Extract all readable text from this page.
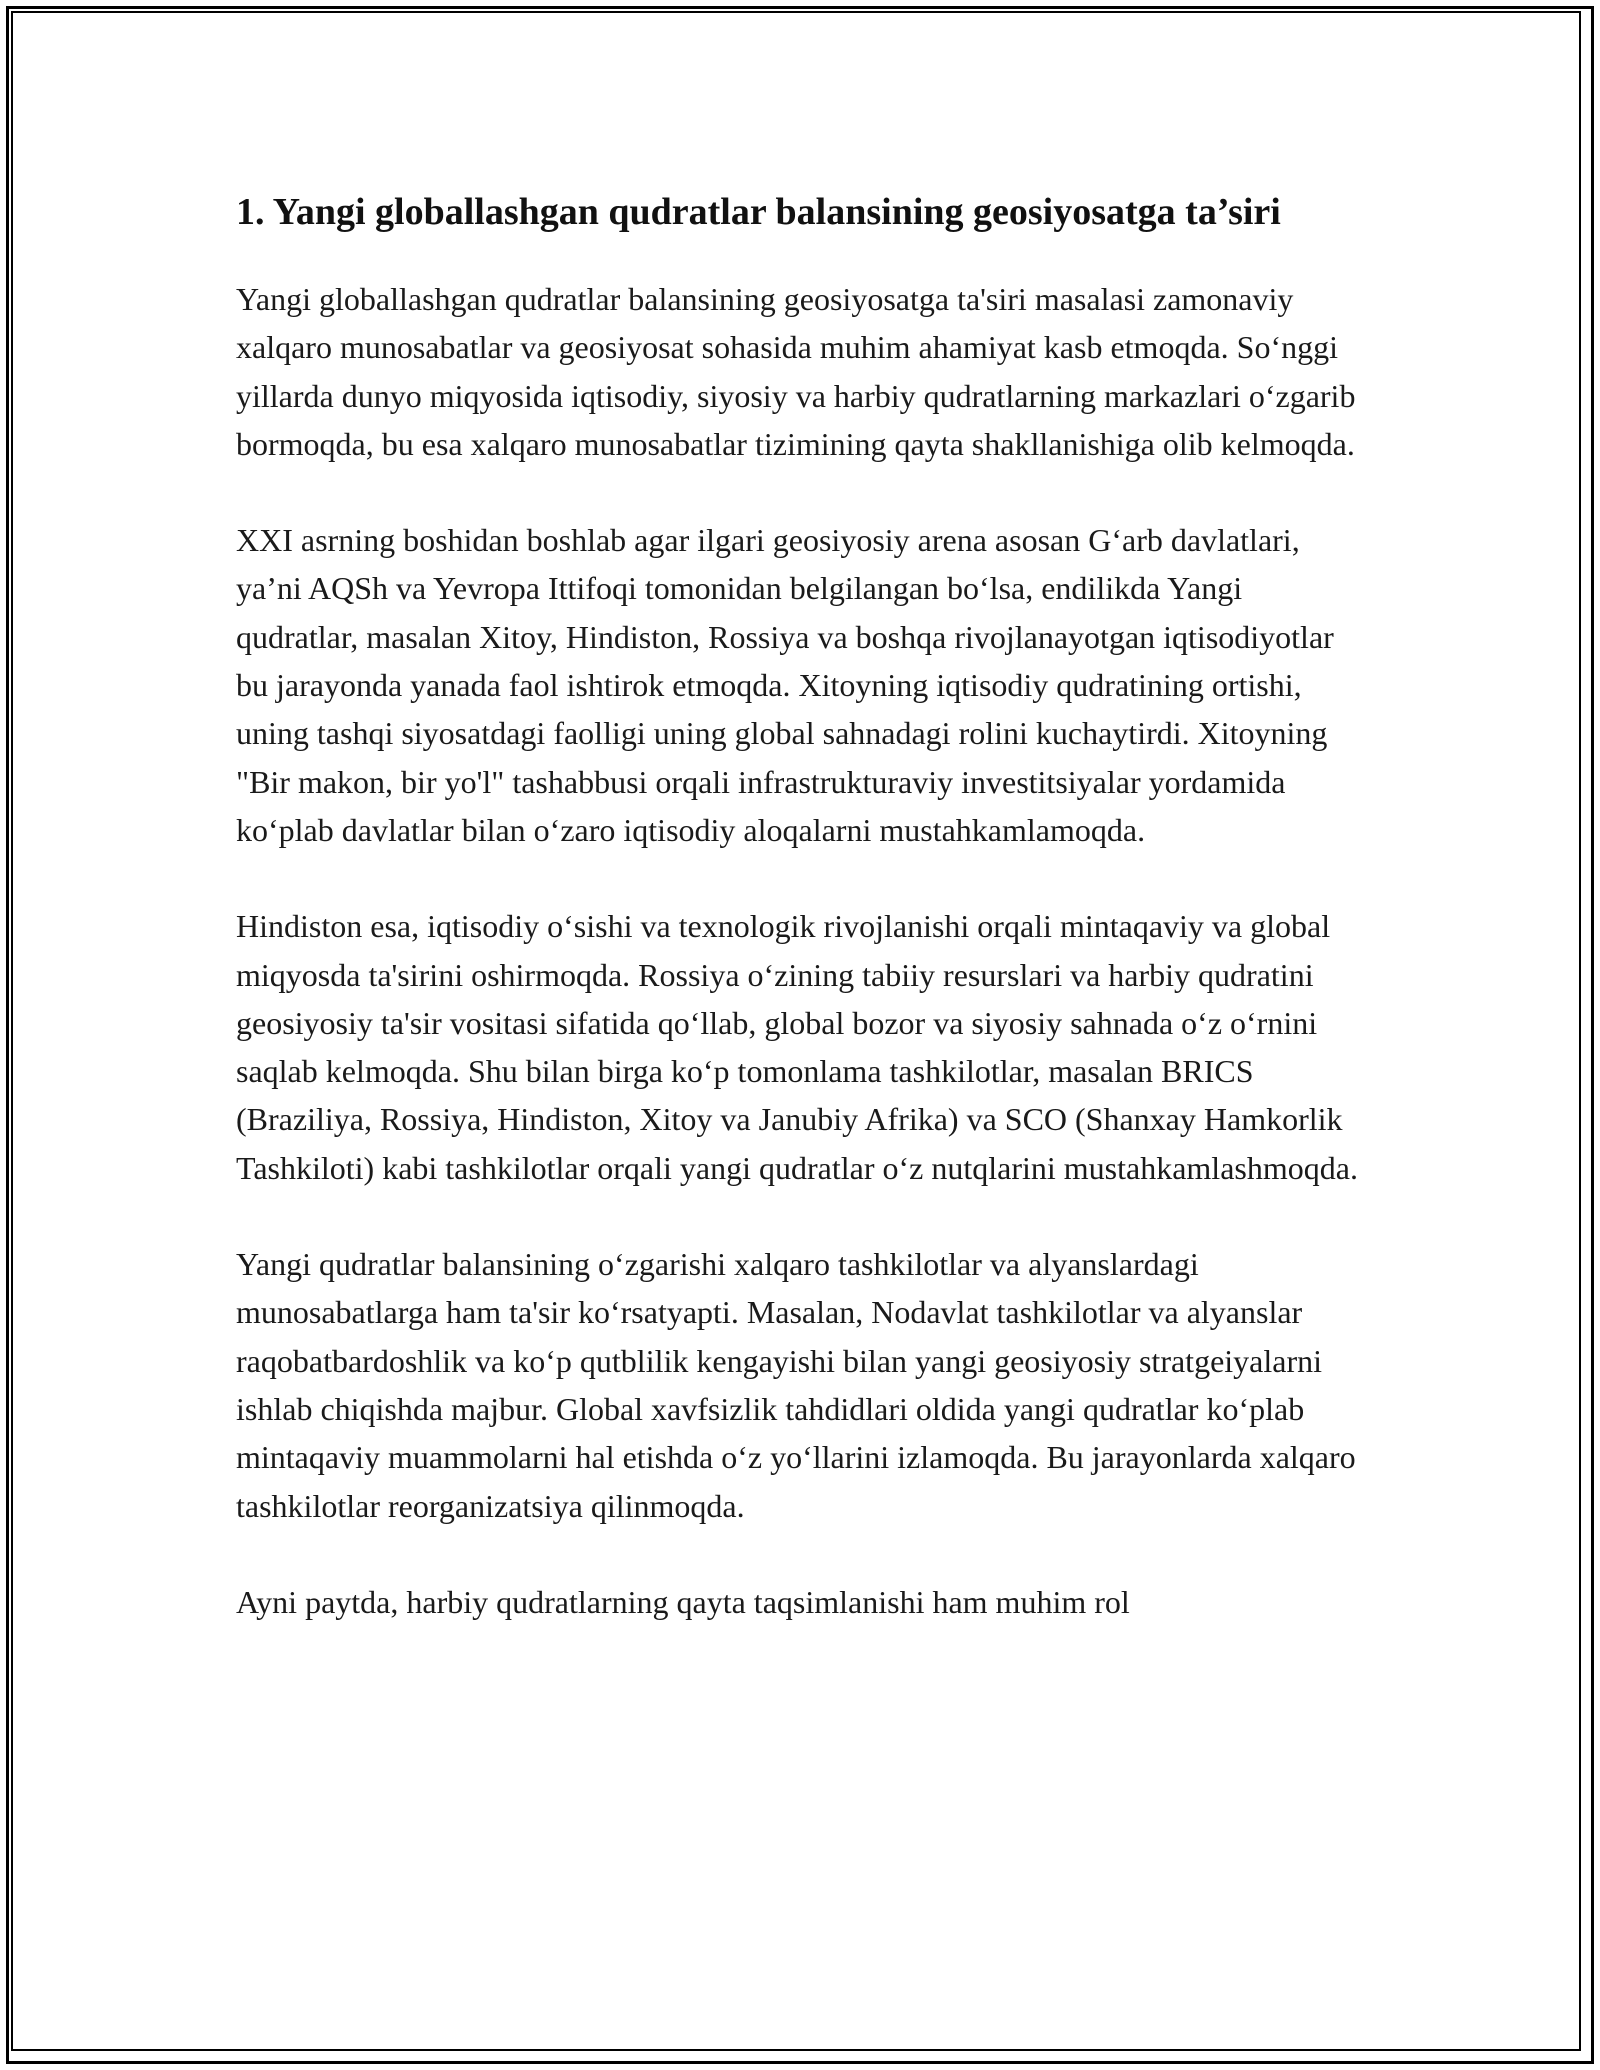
1. Yangi globallashgan qudratlar balansining geosiyosatga ta’siri

Yangi globallashgan qudratlar balansining geosiyosatga ta'siri masalasi zamonaviy xalqaro munosabatlar va geosiyosat sohasida muhim ahamiyat kasb etmoqda. So‘nggi yillarda dunyo miqyosida iqtisodiy, siyosiy va harbiy qudratlarning markazlari o‘zgarib bormoqda, bu esa xalqaro munosabatlar tizimining qayta shakllanishiga olib kelmoqda.

XXI asrning boshidan boshlab agar ilgari geosiyosiy arena asosan G‘arb davlatlari, ya’ni AQSh va Yevropa Ittifoqi tomonidan belgilangan bo‘lsa, endilikda Yangi qudratlar, masalan Xitoy, Hindiston, Rossiya va boshqa rivojlanayotgan iqtisodiyotlar bu jarayonda yanada faol ishtirok etmoqda. Xitoyning iqtisodiy qudratining ortishi, uning tashqi siyosatdagi faolligi uning global sahnadagi rolini kuchaytirdi. Xitoyning "Bir makon, bir yo'l" tashabbusi orqali infrastrukturaviy investitsiyalar yordamida ko‘plab davlatlar bilan o‘zaro iqtisodiy aloqalarni mustahkamlamoqda.

Hindiston esa, iqtisodiy o‘sishi va texnologik rivojlanishi orqali mintaqaviy va global miqyosda ta'sirini oshirmoqda. Rossiya o‘zining tabiiy resurslari va harbiy qudratini geosiyosiy ta'sir vositasi sifatida qo‘llab, global bozor va siyosiy sahnada o‘z o‘rnini saqlab kelmoqda. Shu bilan birga ko‘p tomonlama tashkilotlar, masalan BRICS (Braziliya, Rossiya, Hindiston, Xitoy va Janubiy Afrika) va SCO (Shanxay Hamkorlik Tashkiloti) kabi tashkilotlar orqali yangi qudratlar o‘z nutqlarini mustahkamlashmoqda.

Yangi qudratlar balansining o‘zgarishi xalqaro tashkilotlar va alyanslardagi munosabatlarga ham ta'sir ko‘rsatyapti. Masalan, Nodavlat tashkilotlar va alyanslar raqobatbardoshlik va ko‘p qutblilik kengayishi bilan yangi geosiyosiy stratgeiyalarni ishlab chiqishda majbur. Global xavfsizlik tahdidlari oldida yangi qudratlar ko‘plab mintaqaviy muammolarni hal etishda o‘z yo‘llarini izlamoqda. Bu jarayonlarda xalqaro tashkilotlar reorganizatsiya qilinmoqda.

Ayni paytda, harbiy qudratlarning qayta taqsimlanishi ham muhim rol
